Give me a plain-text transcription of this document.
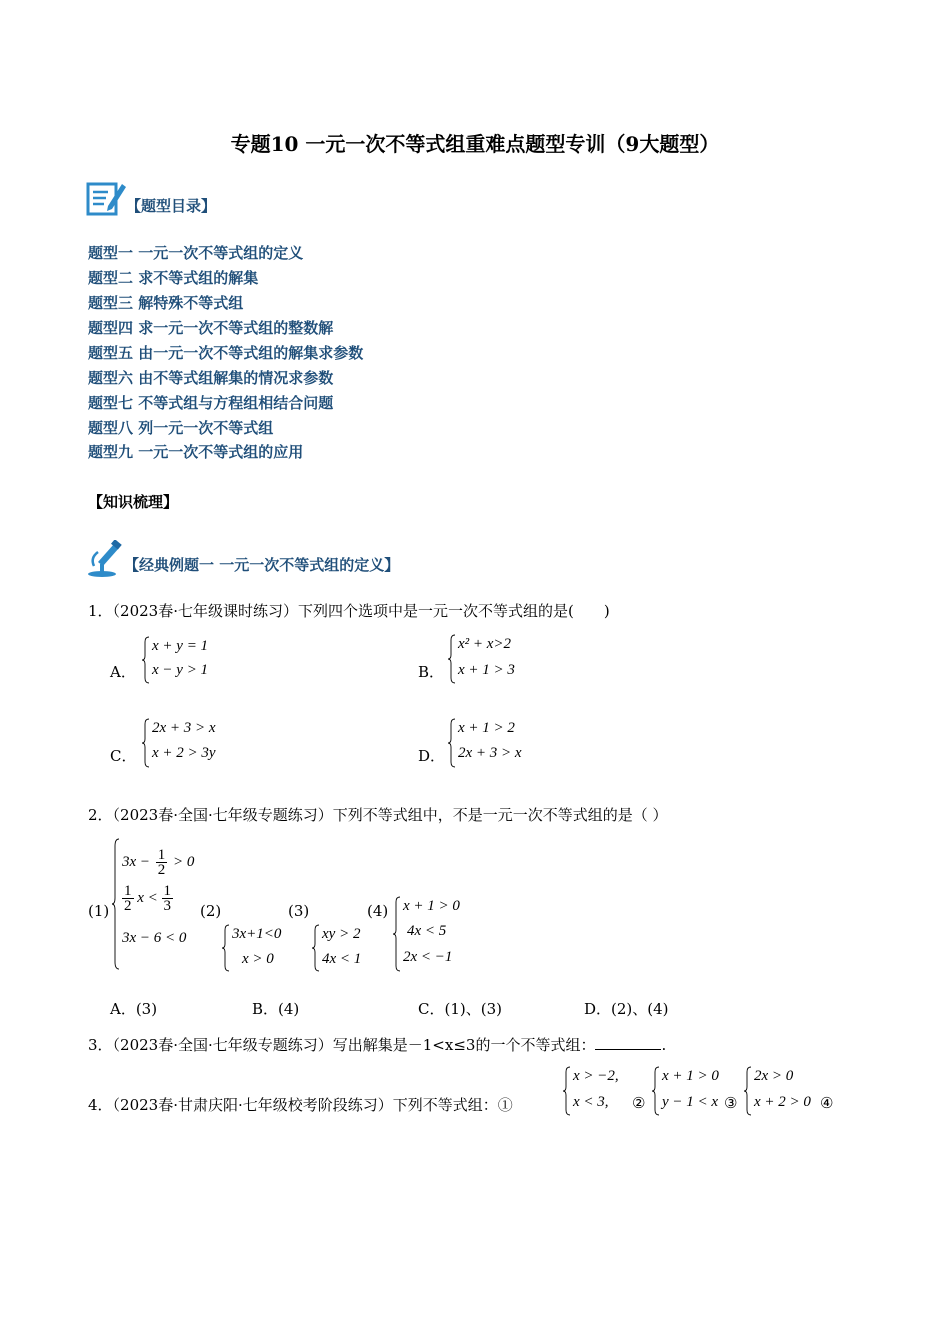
专题10 一元一次不等式组重难点题型专训（9大题型）
【题型目录】
题型一 一元一次不等式组的定义
题型二 求不等式组的解集
题型三 解特殊不等式组
题型四 求一元一次不等式组的整数解
题型五 由一元一次不等式组的解集求参数
题型六 由不等式组解集的情况求参数
题型七 不等式组与方程组相结合问题
题型八 列一元一次不等式组
题型九 一元一次不等式组的应用
【知识梳理】
【经典例题一 一元一次不等式组的定义】
1．（2023春·七年级课时练习）下列四个选项中是一元一次不等式组的是(　　)
A．
x + y = 1
x − y > 1	B．
x² + x>2
x + 1 > 3
C．
2x + 3 > x
x + 2 > 3y	D．
x + 1 > 2
2x + 3 > x
2．（2023春·全国·七年级专题练习）下列不等式组中，不是一元一次不等式组的是（ ）
(1)
$3x - \frac{1}{2} > 0$
$\frac{1}{2}$ $x < \frac{1}{3}$
3x − 6 < 0
(2)
3x+1<0
x > 0
(3)
xy > 2
4x < 1
(4) x + 1 > 0
4x < 5
2x < −1
A．(3)	B．(4)	C．(1)、(3)	D．(2)、(4)
3．（2023春·全国·七年级专题练习）写出解集是－1<x≤3的一个不等式组：	.
4．（2023春·甘肃庆阳·七年级校考阶段练习）下列不等式组：①
x > −2,
x < 3, ②
x + 1 > 0
y − 1 < x ③
2x > 0
x + 2 > 0 ④
